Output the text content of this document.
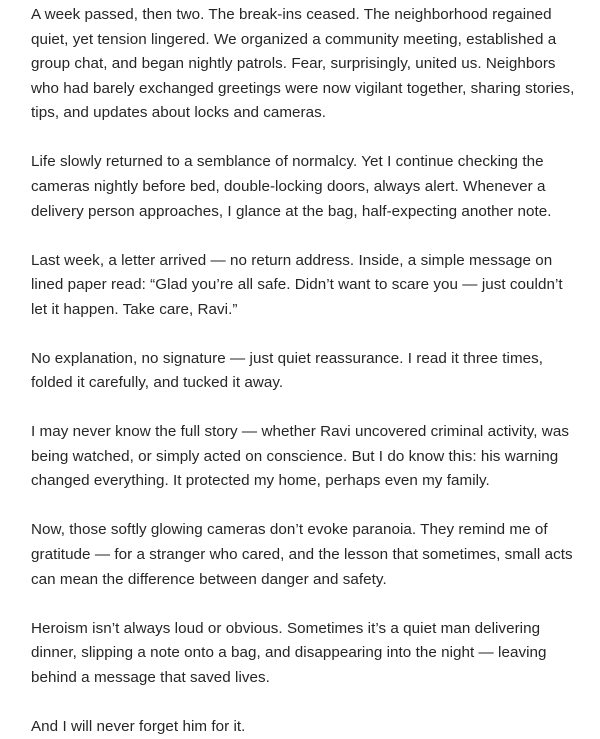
A week passed, then two. The break-ins ceased. The neighborhood regained quiet, yet tension lingered. We organized a community meeting, established a group chat, and began nightly patrols. Fear, surprisingly, united us. Neighbors who had barely exchanged greetings were now vigilant together, sharing stories, tips, and updates about locks and cameras.

Life slowly returned to a semblance of normalcy. Yet I continue checking the cameras nightly before bed, double-locking doors, always alert. Whenever a delivery person approaches, I glance at the bag, half-expecting another note.

Last week, a letter arrived — no return address. Inside, a simple message on lined paper read: “Glad you’re all safe. Didn’t want to scare you — just couldn’t let it happen. Take care, Ravi.”

No explanation, no signature — just quiet reassurance. I read it three times, folded it carefully, and tucked it away.

I may never know the full story — whether Ravi uncovered criminal activity, was being watched, or simply acted on conscience. But I do know this: his warning changed everything. It protected my home, perhaps even my family.

Now, those softly glowing cameras don’t evoke paranoia. They remind me of gratitude — for a stranger who cared, and the lesson that sometimes, small acts can mean the difference between danger and safety.

Heroism isn’t always loud or obvious. Sometimes it’s a quiet man delivering dinner, slipping a note onto a bag, and disappearing into the night — leaving behind a message that saved lives.

And I will never forget him for it.
